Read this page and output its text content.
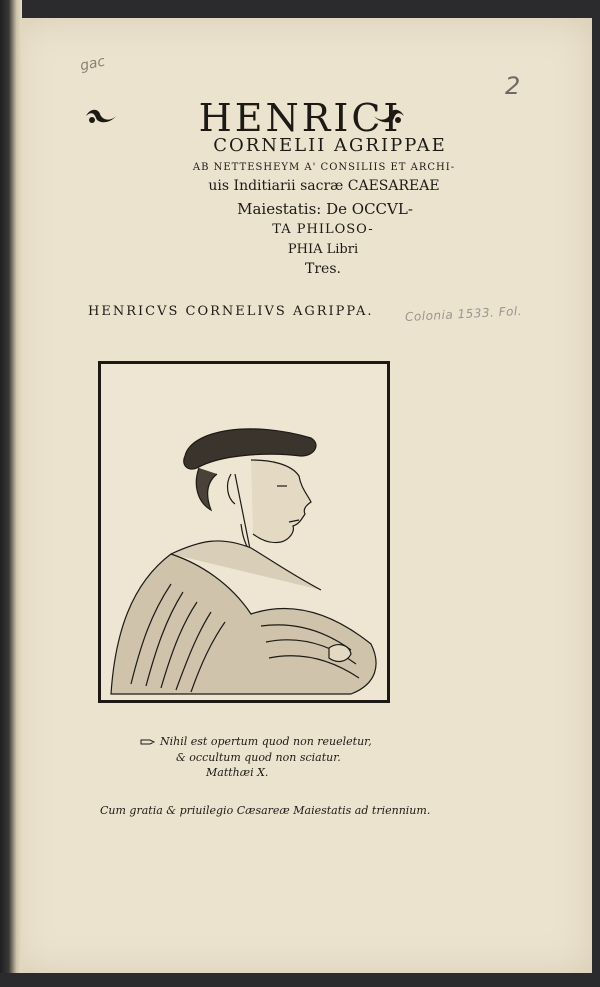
gac
2
Colonia 1533. Fol.
HENRICI
CORNELII AGRIPPAE
AB NETTESHEYM A' CONSILIIS ET ARCHI-
uis Inditiarii sacræ CAESAREAE
Maiestatis: De OCCVL-
TA PHILOSO-
PHIA Libri
Tres.
HENRICVS CORNELIVS AGRIPPA.
Nihil est opertum quod non reueletur,
& occultum quod non sciatur.
Matthæi X.
Cum gratia & priuilegio Cæsareæ Maiestatis ad triennium.
